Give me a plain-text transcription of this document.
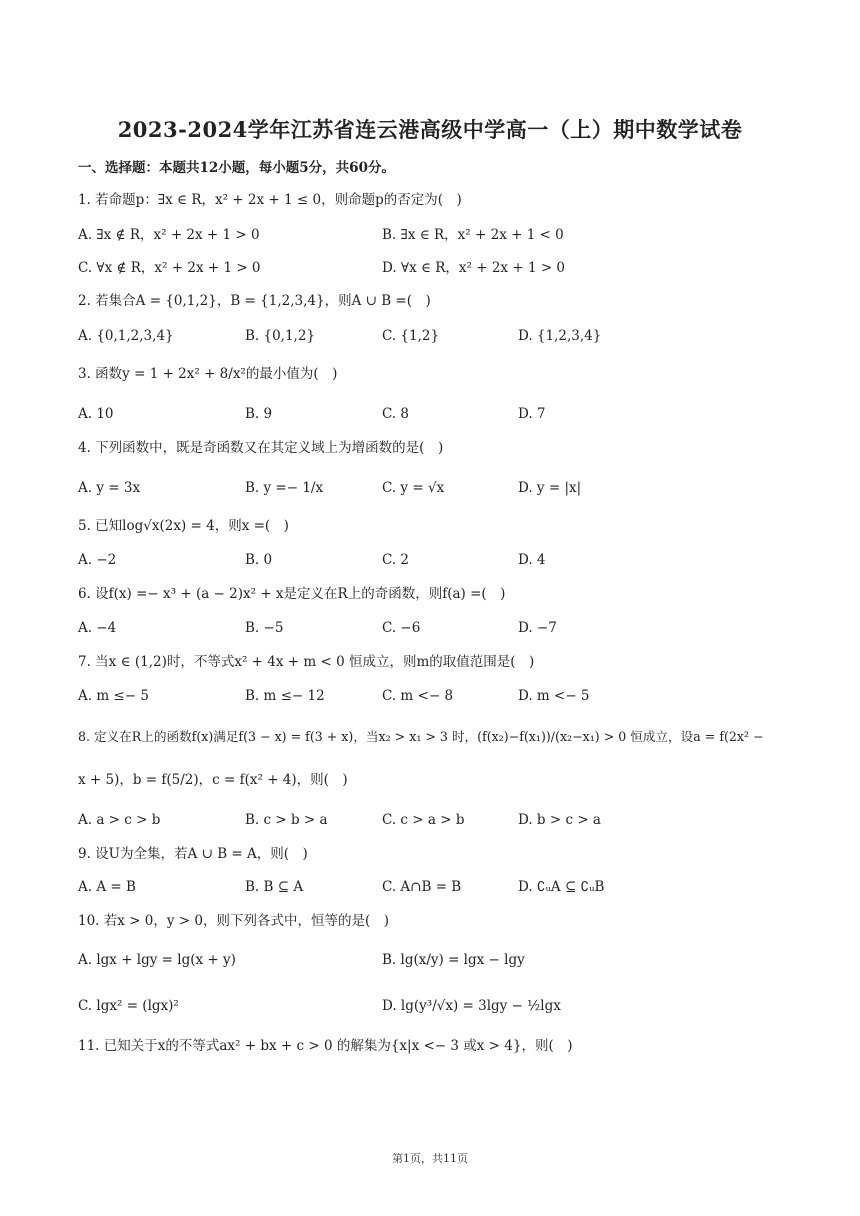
2023-2024学年江苏省连云港高级中学高一（上）期中数学试卷
一、选择题：本题共12小题，每小题5分，共60分。
1. 若命题p：∃x ∈ R，x² + 2x + 1 ≤ 0，则命题p的否定为(　)
A. ∃x ∉ R，x² + 2x + 1 > 0	B. ∃x ∈ R，x² + 2x + 1 < 0
C. ∀x ∉ R，x² + 2x + 1 > 0	D. ∀x ∈ R，x² + 2x + 1 > 0
2. 若集合A = {0,1,2}，B = {1,2,3,4}，则A ∪ B =(　)
A. {0,1,2,3,4}	B. {0,1,2}	C. {1,2}	D. {1,2,3,4}
3. 函数y = 1 + 2x² + 8/x²的最小值为(　)
A. 10	B. 9	C. 8	D. 7
4. 下列函数中，既是奇函数又在其定义域上为增函数的是(　)
A. y = 3x	B. y =− 1/x	C. y = √x	D. y = |x|
5. 已知log√x(2x) = 4，则x =(　)
A. −2	B. 0	C. 2	D. 4
6. 设f(x) =− x³ + (a − 2)x² + x是定义在R上的奇函数，则f(a) =(　)
A. −4	B. −5	C. −6	D. −7
7. 当x ∈ (1,2)时，不等式x² + 4x + m < 0 恒成立，则m的取值范围是(　)
A. m ≤− 5	B. m ≤− 12	C. m <− 8	D. m <− 5
8. 定义在R上的函数f(x)满足f(3 − x) = f(3 + x)，当x₂ > x₁ > 3 时，(f(x₂)−f(x₁))/(x₂−x₁) > 0 恒成立，设a = f(2x² −
x + 5)，b = f(5/2)，c = f(x² + 4)，则(　)
A. a > c > b	B. c > b > a	C. c > a > b	D. b > c > a
9. 设U为全集，若A ∪ B = A，则(　)
A. A = B	B. B ⊆ A	C. A∩B = B	D. ∁ᵤA ⊆ ∁ᵤB
10. 若x > 0，y > 0，则下列各式中，恒等的是(　)
A. lgx + lgy = lg(x + y)	B. lg(x/y) = lgx − lgy
C. lgx² = (lgx)²	D. lg(y³/√x) = 3lgy − ½lgx
11. 已知关于x的不等式ax² + bx + c > 0 的解集为{x|x <− 3 或x > 4}，则(　)
第1页，共11页
